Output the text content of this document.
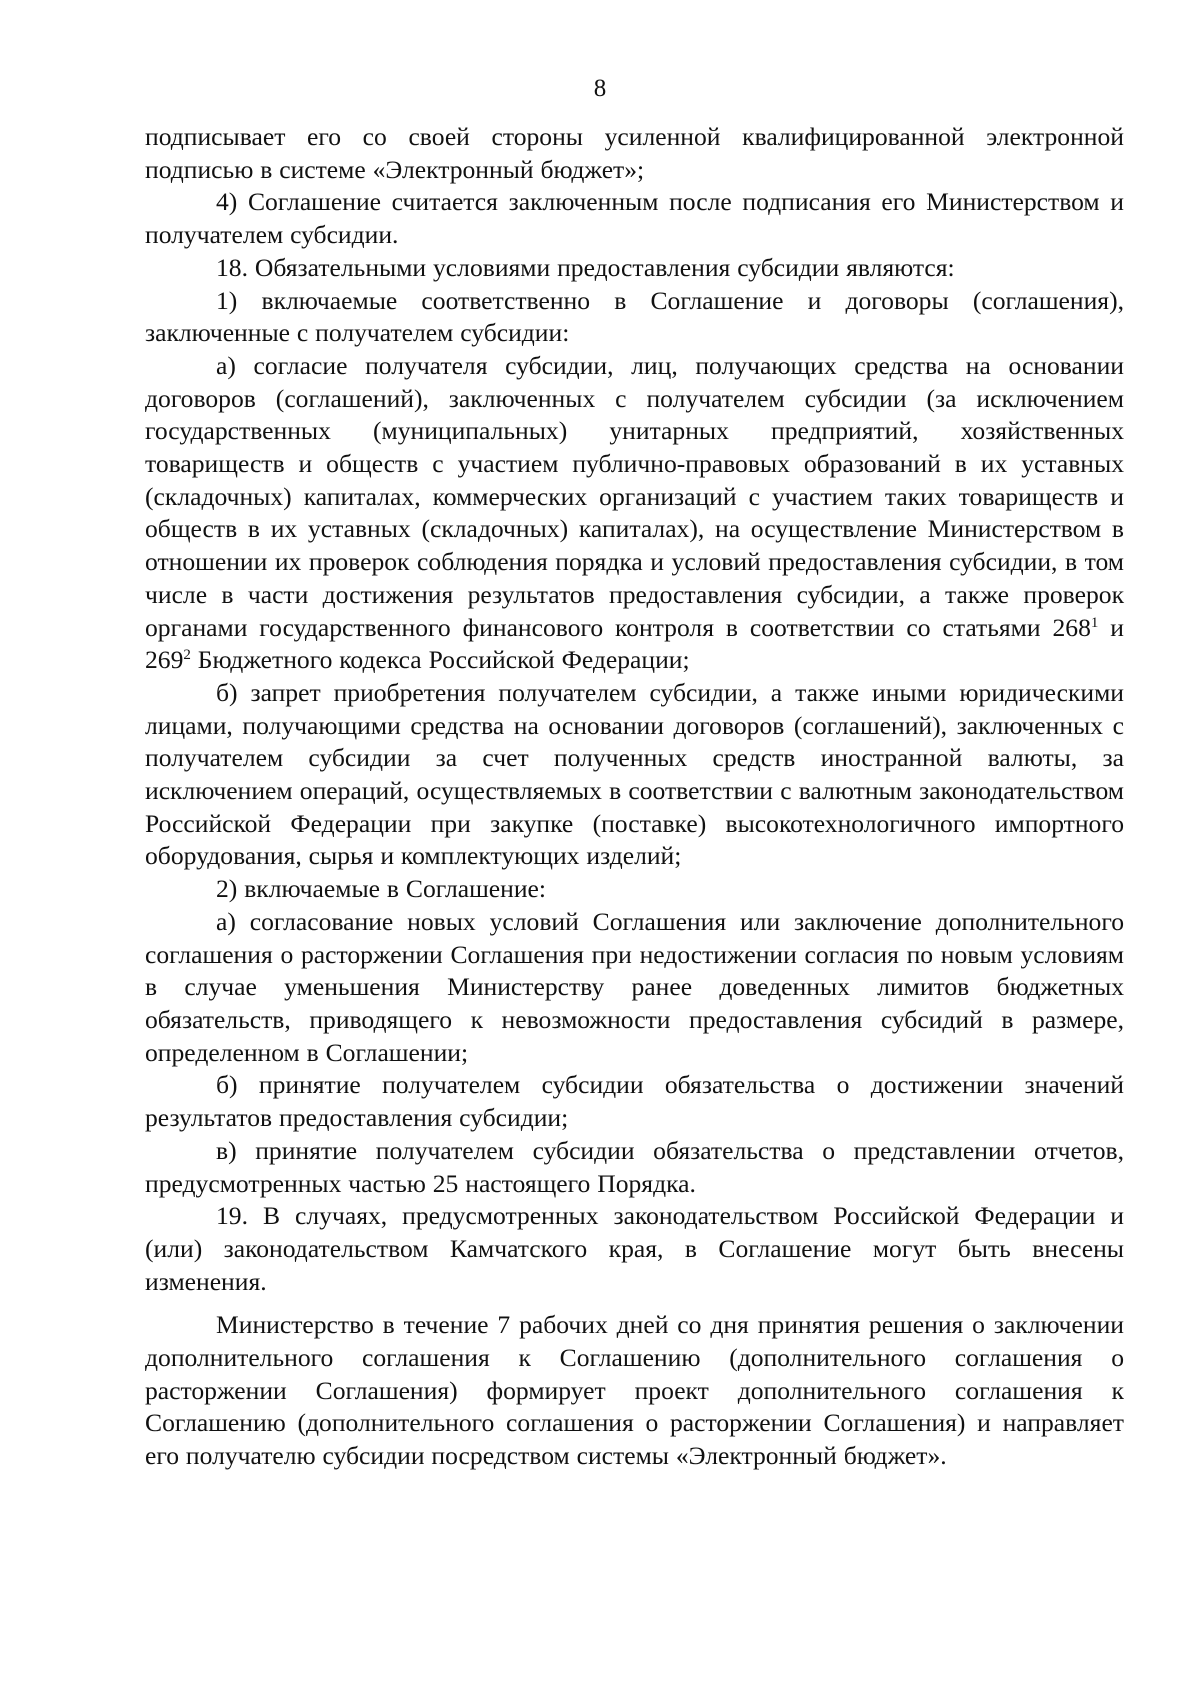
8

подписывает его со своей стороны усиленной квалифицированной электронной подписью в системе «Электронный бюджет»;

4) Соглашение считается заключенным после подписания его Министерством и получателем субсидии.

18. Обязательными условиями предоставления субсидии являются:

1) включаемые соответственно в Соглашение и договоры (соглашения), заключенные с получателем субсидии:

а) согласие получателя субсидии, лиц, получающих средства на основании договоров (соглашений), заключенных с получателем субсидии (за исключением государственных (муниципальных) унитарных предприятий, хозяйственных товариществ и обществ с участием публично-правовых образований в их уставных (складочных) капиталах, коммерческих организаций с участием таких товариществ и обществ в их уставных (складочных) капиталах), на осуществление Министерством в отношении их проверок соблюдения порядка и условий предоставления субсидии, в том числе в части достижения результатов предоставления субсидии, а также проверок органами государственного финансового контроля в соответствии со статьями $268^1$ и $269^2$ Бюджетного кодекса Российской Федерации;

б) запрет приобретения получателем субсидии, а также иными юридическими лицами, получающими средства на основании договоров (соглашений), заключенных с получателем субсидии за счет полученных средств иностранной валюты, за исключением операций, осуществляемых в соответствии с валютным законодательством Российской Федерации при закупке (поставке) высокотехнологичного импортного оборудования, сырья и комплектующих изделий;

2) включаемые в Соглашение:

а) согласование новых условий Соглашения или заключение дополнительного соглашения о расторжении Соглашения при недостижении согласия по новым условиям в случае уменьшения Министерству ранее доведенных лимитов бюджетных обязательств, приводящего к невозможности предоставления субсидий в размере, определенном в Соглашении;

б) принятие получателем субсидии обязательства о достижении значений результатов предоставления субсидии;

в) принятие получателем субсидии обязательства о представлении отчетов, предусмотренных частью 25 настоящего Порядка.

19. В случаях, предусмотренных законодательством Российской Федерации и (или) законодательством Камчатского края, в Соглашение могут быть внесены изменения.

Министерство в течение 7 рабочих дней со дня принятия решения о заключении дополнительного соглашения к Соглашению (дополнительного соглашения о расторжении Соглашения) формирует проект дополнительного соглашения к Соглашению (дополнительного соглашения о расторжении Соглашения) и направляет его получателю субсидии посредством системы «Электронный бюджет».
